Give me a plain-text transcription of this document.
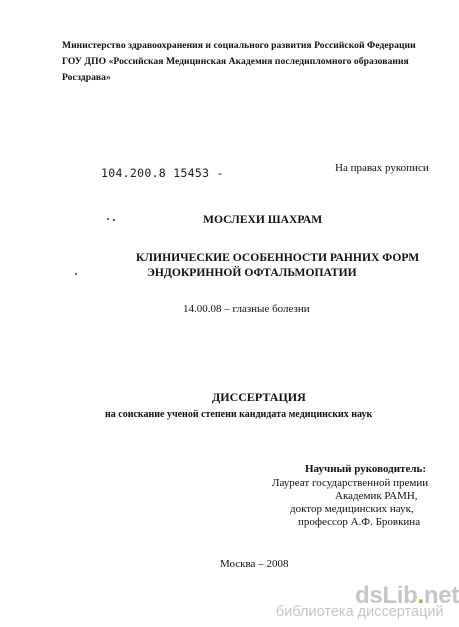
Министерство здравоохранения и социального развития Российской Федерации
ГОУ ДПО «Российская Медицинская Академия последипломного образования
Росздрава»
104.200.8 15453 -	На правах рукописи
МОСЛЕХИ ШАХРАМ
КЛИНИЧЕСКИЕ ОСОБЕННОСТИ РАННИХ ФОРМ
ЭНДОКРИННОЙ ОФТАЛЬМОПАТИИ
14.00.08 – глазные болезни
ДИССЕРТАЦИЯ
на соискание ученой степени кандидата медицинских наук
Научный руководитель:
Лауреат государственной премии
Академик РАМН,
доктор медицинских наук,
профессор А.Ф. Бровкина
Москва – 2008
dsLib.net
библиотека диссертаций
